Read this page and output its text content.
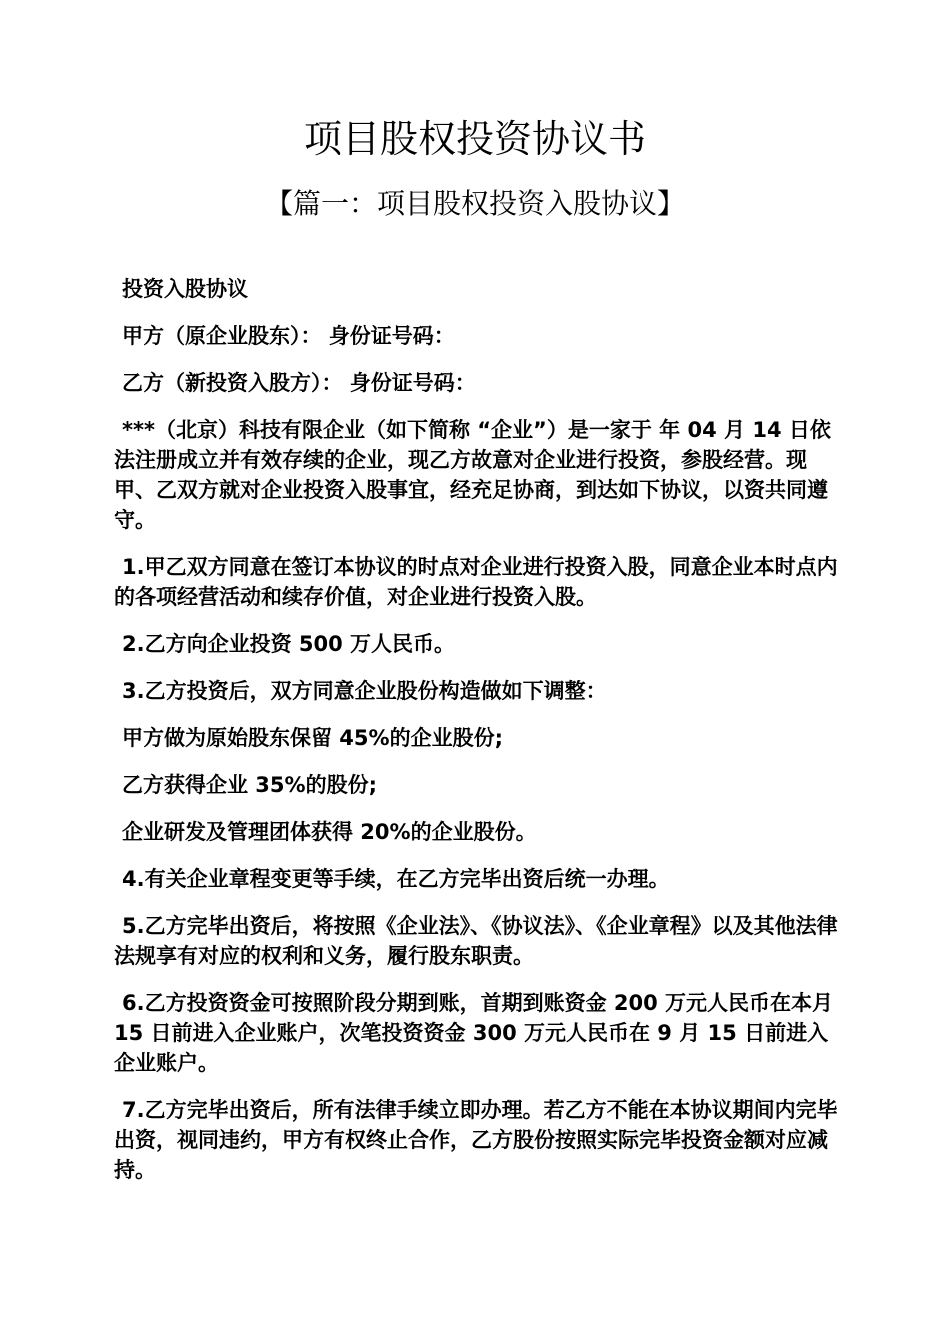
项目股权投资协议书
【篇一：项目股权投资入股协议】

投资入股协议

甲方（原企业股东）： 身份证号码：

乙方（新投资入股方）： 身份证号码：

***（北京）科技有限企业（如下简称 “企业”）是一家于 年 04 月 14 日依法注册成立并有效存续的企业，现乙方故意对企业进行投资，参股经营。现甲、乙双方就对企业投资入股事宜，经充足协商，到达如下协议，以资共同遵守。

1.甲乙双方同意在签订本协议的时点对企业进行投资入股，同意企业本时点内的各项经营活动和续存价值，对企业进行投资入股。

2.乙方向企业投资 500 万人民币。

3.乙方投资后，双方同意企业股份构造做如下调整：

甲方做为原始股东保留 45%的企业股份;

乙方获得企业 35%的股份;

企业研发及管理团体获得 20%的企业股份。

4.有关企业章程变更等手续，在乙方完毕出资后统一办理。

5.乙方完毕出资后，将按照《企业法》、《协议法》、《企业章程》以及其他法律法规享有对应的权利和义务，履行股东职责。

6.乙方投资资金可按照阶段分期到账，首期到账资金 200 万元人民币在本月 15 日前进入企业账户，次笔投资资金 300 万元人民币在 9 月 15 日前进入企业账户。

7.乙方完毕出资后，所有法律手续立即办理。若乙方不能在本协议期间内完毕出资，视同违约，甲方有权终止合作，乙方股份按照实际完毕投资金额对应减持。
